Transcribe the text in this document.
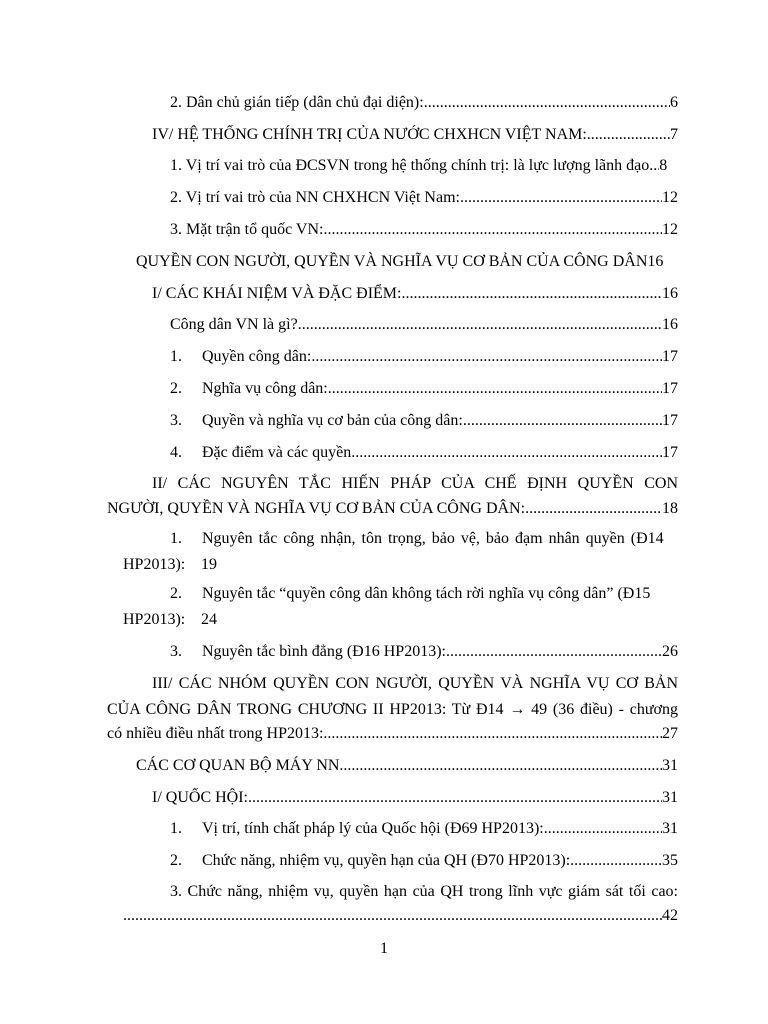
2. Dân chủ gián tiếp (dân chủ đại diện): .....	6
IV/ HỆ THỐNG CHÍNH TRỊ CỦA NƯỚC CHXHCN VIỆT NAM: .....	7
1. Vị trí vai trò của ĐCSVN trong hệ thống chính trị: là lực lượng lãnh đạo. ..... 8
2. Vị trí vai trò của NN CHXHCN Việt Nam: .....	12
3. Mặt trận tổ quốc VN: .....	12
QUYỀN CON NGƯỜI, QUYỀN VÀ NGHĨA VỤ CƠ BẢN CỦA CÔNG DÂN 16
I/ CÁC KHÁI NIỆM VÀ ĐẶC ĐIỂM: .....	16
Công dân VN là gì? .....	16
1.	Quyền công dân: .....	17
2.	Nghĩa vụ công dân: .....	17
3.	Quyền và nghĩa vụ cơ bản của công dân: .....	17
4.	Đặc điểm và các quyền .....	17
II/ CÁC NGUYÊN TẮC HIẾN PHÁP CỦA CHẾ ĐỊNH QUYỀN CON
NGƯỜI, QUYỀN VÀ NGHĨA VỤ CƠ BẢN CỦA CÔNG DÂN: .....	18
1.	Nguyên tắc công nhận, tôn trọng, bảo vệ, bảo đạm nhân quyền (Đ14
HP2013): 19
2.	Nguyên tắc “quyền công dân không tách rời nghĩa vụ công dân” (Đ15
HP2013): 24
3.	Nguyên tắc bình đẳng (Đ16 HP2013): .....	26
III/ CÁC NHÓM QUYỀN CON NGƯỜI, QUYỀN VÀ NGHĨA VỤ CƠ BẢN
CỦA CÔNG DÂN TRONG CHƯƠNG II HP2013: Từ Đ14 → 49 (36 điều) - chương
có nhiều điều nhất trong HP2013: .....	27
CÁC CƠ QUAN BỘ MÁY NN .....	31
I/ QUỐC HỘI: .....	31
1.	Vị trí, tính chất pháp lý của Quốc hội (Đ69 HP2013): .....	31
2.	Chức năng, nhiệm vụ, quyền hạn của QH (Đ70 HP2013): .....	35
3. Chức năng, nhiệm vụ, quyền hạn của QH trong lĩnh vực giám sát tối cao:
.....
42
1
